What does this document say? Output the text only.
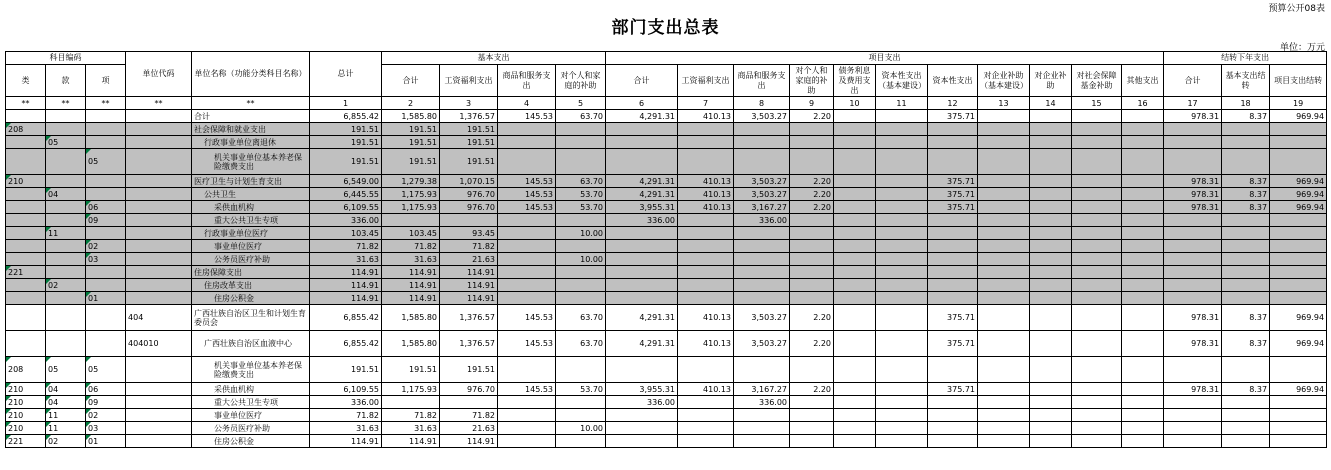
预算公开08表
部门支出总表
单位：万元
科目编码			单位代码	单位名称（功能分类科目名称）	总计	基本支出				项目支出											结转下年支出		
类	款	项				合计	工资福利支出	商品和服务支出	对个人和家庭的补助	合计	工资福利支出	商品和服务支出	对个人和家庭的补助	债务利息及费用支出	资本性支出（基本建设）	资本性支出	对企业补助（基本建设）	对企业补助	对社会保障基金补助	其他支出	合计	基本支出结转	项目支出结转
**	**	**	**	**	1	2	3	4	5	6	7	8	9	10	11	12	13	14	15	16	17	18	19
				合计	6,855.42	1,585.80	1,376.57	145.53	63.70	4,291.31	410.13	3,503.27	2.20			375.71					978.31	8.37	969.94
208				社会保障和就业支出	191.51	191.51	191.51																
	05			行政事业单位离退休	191.51	191.51	191.51																
		05		机关事业单位基本养老保险缴费支出	191.51	191.51	191.51																
210				医疗卫生与计划生育支出	6,549.00	1,279.38	1,070.15	145.53	63.70	4,291.31	410.13	3,503.27	2.20			375.71					978.31	8.37	969.94
	04			公共卫生	6,445.55	1,175.93	976.70	145.53	53.70	4,291.31	410.13	3,503.27	2.20			375.71					978.31	8.37	969.94
		06		采供血机构	6,109.55	1,175.93	976.70	145.53	53.70	3,955.31	410.13	3,167.27	2.20			375.71					978.31	8.37	969.94
		09		重大公共卫生专项	336.00					336.00		336.00											
	11			行政事业单位医疗	103.45	103.45	93.45		10.00														
		02		事业单位医疗	71.82	71.82	71.82																
		03		公务员医疗补助	31.63	31.63	21.63		10.00														
221				住房保障支出	114.91	114.91	114.91																
	02			住房改革支出	114.91	114.91	114.91																
		01		住房公积金	114.91	114.91	114.91																
			404	广西壮族自治区卫生和计划生育委员会	6,855.42	1,585.80	1,376.57	145.53	63.70	4,291.31	410.13	3,503.27	2.20			375.71					978.31	8.37	969.94
			404010	广西壮族自治区血液中心	6,855.42	1,585.80	1,376.57	145.53	63.70	4,291.31	410.13	3,503.27	2.20			375.71					978.31	8.37	969.94
208	05	05		机关事业单位基本养老保险缴费支出	191.51	191.51	191.51																
210	04	06		采供血机构	6,109.55	1,175.93	976.70	145.53	53.70	3,955.31	410.13	3,167.27	2.20			375.71					978.31	8.37	969.94
210	04	09		重大公共卫生专项	336.00					336.00		336.00											
210	11	02		事业单位医疗	71.82	71.82	71.82																
210	11	03		公务员医疗补助	31.63	31.63	21.63		10.00														
221	02	01		住房公积金	114.91	114.91	114.91																
